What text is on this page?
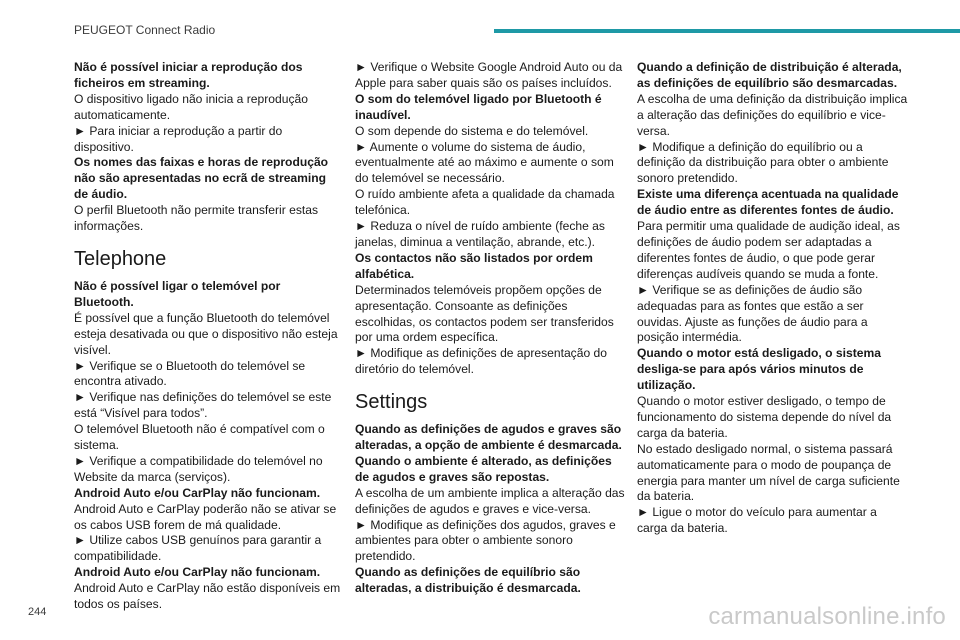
PEUGEOT Connect Radio

Não é possível iniciar a reprodução dos ficheiros em streaming.

O dispositivo ligado não inicia a reprodução automaticamente.

► Para iniciar a reprodução a partir do dispositivo.

Os nomes das faixas e horas de reprodução não são apresentadas no ecrã de streaming de áudio.

O perfil Bluetooth não permite transferir estas informações.

Telephone

Não é possível ligar o telemóvel por Bluetooth.

É possível que a função Bluetooth do telemóvel esteja desativada ou que o dispositivo não esteja visível.

► Verifique se o Bluetooth do telemóvel se encontra ativado.

► Verifique nas definições do telemóvel se este está “Visível para todos”.

O telemóvel Bluetooth não é compatível com o sistema.

► Verifique a compatibilidade do telemóvel no Website da marca (serviços).

Android Auto e/ou CarPlay não funcionam.

Android Auto e CarPlay poderão não se ativar se os cabos USB forem de má qualidade.

► Utilize cabos USB genuínos para garantir a compatibilidade.

Android Auto e/ou CarPlay não funcionam.

Android Auto e CarPlay não estão disponíveis em todos os países.

► Verifique o Website Google Android Auto ou da Apple para saber quais são os países incluídos.

O som do telemóvel ligado por Bluetooth é inaudível.

O som depende do sistema e do telemóvel.

► Aumente o volume do sistema de áudio, eventualmente até ao máximo e aumente o som do telemóvel se necessário.

O ruído ambiente afeta a qualidade da chamada telefónica.

► Reduza o nível de ruído ambiente (feche as janelas, diminua a ventilação, abrande, etc.).

Os contactos não são listados por ordem alfabética.

Determinados telemóveis propõem opções de apresentação. Consoante as definições escolhidas, os contactos podem ser transferidos por uma ordem específica.

► Modifique as definições de apresentação do diretório do telemóvel.

Settings

Quando as definições de agudos e graves são alteradas, a opção de ambiente é desmarcada.

Quando o ambiente é alterado, as definições de agudos e graves são repostas.

A escolha de um ambiente implica a alteração das definições de agudos e graves e vice-versa.

► Modifique as definições dos agudos, graves e ambientes para obter o ambiente sonoro pretendido.

Quando as definições de equilíbrio são alteradas, a distribuição é desmarcada.

Quando a definição de distribuição é alterada, as definições de equilíbrio são desmarcadas.

A escolha de uma definição da distribuição implica a alteração das definições do equilíbrio e vice-versa.

► Modifique a definição do equilíbrio ou a definição da distribuição para obter o ambiente sonoro pretendido.

Existe uma diferença acentuada na qualidade de áudio entre as diferentes fontes de áudio.

Para permitir uma qualidade de audição ideal, as definições de áudio podem ser adaptadas a diferentes fontes de áudio, o que pode gerar diferenças audíveis quando se muda a fonte.

► Verifique se as definições de áudio são adequadas para as fontes que estão a ser ouvidas. Ajuste as funções de áudio para a posição intermédia.

Quando o motor está desligado, o sistema desliga-se para após vários minutos de utilização.

Quando o motor estiver desligado, o tempo de funcionamento do sistema depende do nível da carga da bateria.

No estado desligado normal, o sistema passará automaticamente para o modo de poupança de energia para manter um nível de carga suficiente da bateria.

► Ligue o motor do veículo para aumentar a carga da bateria.

244	carmanualsonline.info
